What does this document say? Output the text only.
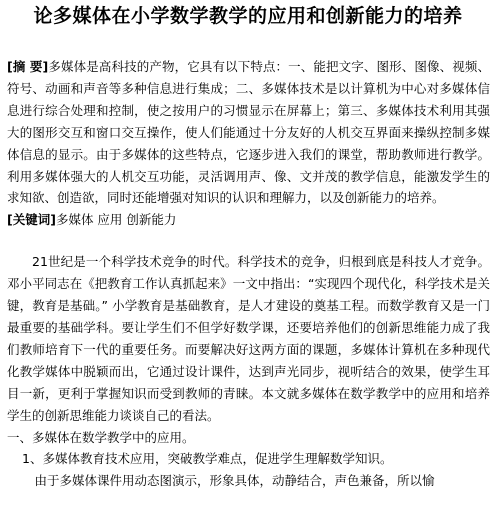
论多媒体在小学数学教学的应用和创新能力的培养

[摘 要]多媒体是高科技的产物，它具有以下特点：一、能把文字、图形、图像、视频、符号、动画和声音等多种信息进行集成；二、多媒体技术是以计算机为中心对多媒体信息进行综合处理和控制，使之按用户的习惯显示在屏幕上；第三、多媒体技术利用其强大的图形交互和窗口交互操作，使人们能通过十分友好的人机交互界面来操纵控制多媒体信息的显示。由于多媒体的这些特点，它逐步进入我们的课堂，帮助教师进行教学。利用多媒体强大的人机交互功能，灵活调用声、像、文并茂的教学信息，能激发学生的求知欲、创造欲，同时还能增强对知识的认识和理解力，以及创新能力的培养。

[关键词]多媒体 应用 创新能力

21世纪是一个科学技术竞争的时代。科学技术的竞争，归根到底是科技人才竞争。邓小平同志在《把教育工作认真抓起来》一文中指出：“实现四个现代化，科学技术是关键，教育是基础。” 小学教育是基础教育，是人才建设的奠基工程。而数学教育又是一门最重要的基础学科。要让学生们不但学好数学课，还要培养他们的创新思维能力成了我们教师培育下一代的重要任务。而要解决好这两方面的课题，多媒体计算机在多种现代化教学媒体中脱颖而出，它通过设计课件，达到声光同步，视听结合的效果，使学生耳目一新，更利于掌握知识而受到教师的青睐。本文就多媒体在数学教学中的应用和培养学生的创新思维能力谈谈自己的看法。

一、多媒体在数学教学中的应用。

1、多媒体教育技术应用，突破教学难点，促进学生理解数学知识。

由于多媒体课件用动态图演示，形象具体，动静结合，声色兼备，所以愉
